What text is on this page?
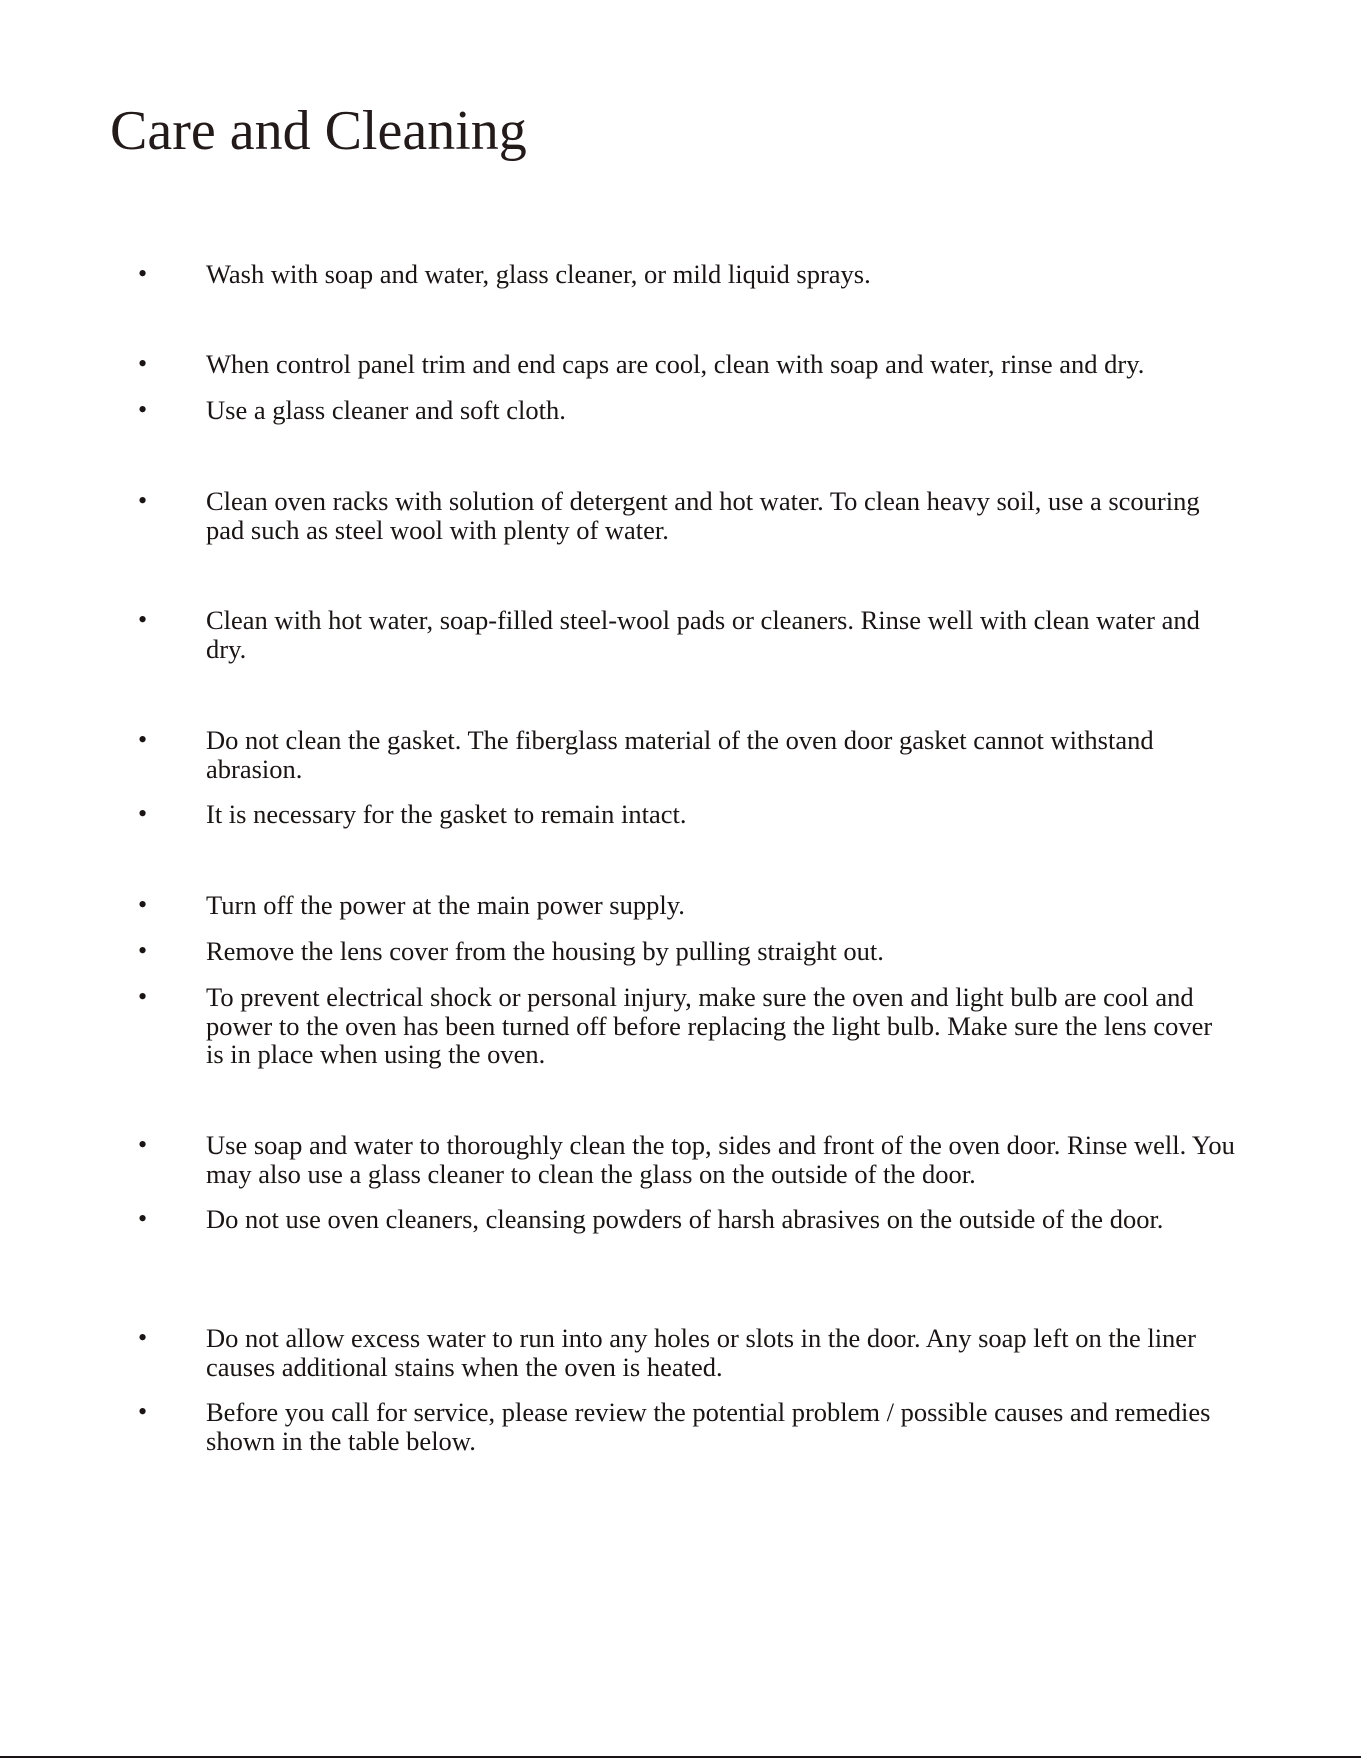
Care and Cleaning
• Wash with soap and water, glass cleaner, or mild liquid sprays.

• When control panel trim and end caps are cool, clean with soap and water, rinse and dry.

• Use a glass cleaner and soft cloth.

• Clean oven racks with solution of detergent and hot water. To clean heavy soil, use a scouring pad such as steel wool with plenty of water.

• Clean with hot water, soap-filled steel-wool pads or cleaners. Rinse well with clean water and dry.

• Do not clean the gasket. The fiberglass material of the oven door gasket cannot withstand abrasion.

• It is necessary for the gasket to remain intact.

• Turn off the power at the main power supply.

• Remove the lens cover from the housing by pulling straight out.

• To prevent electrical shock or personal injury, make sure the oven and light bulb are cool and power to the oven has been turned off before replacing the light bulb. Make sure the lens cover is in place when using the oven.

• Use soap and water to thoroughly clean the top, sides and front of the oven door. Rinse well. You may also use a glass cleaner to clean the glass on the outside of the door.

• Do not use oven cleaners, cleansing powders of harsh abrasives on the outside of the door.

• Do not allow excess water to run into any holes or slots in the door. Any soap left on the liner causes additional stains when the oven is heated.

• Before you call for service, please review the potential problem / possible causes and remedies shown in the table below.
